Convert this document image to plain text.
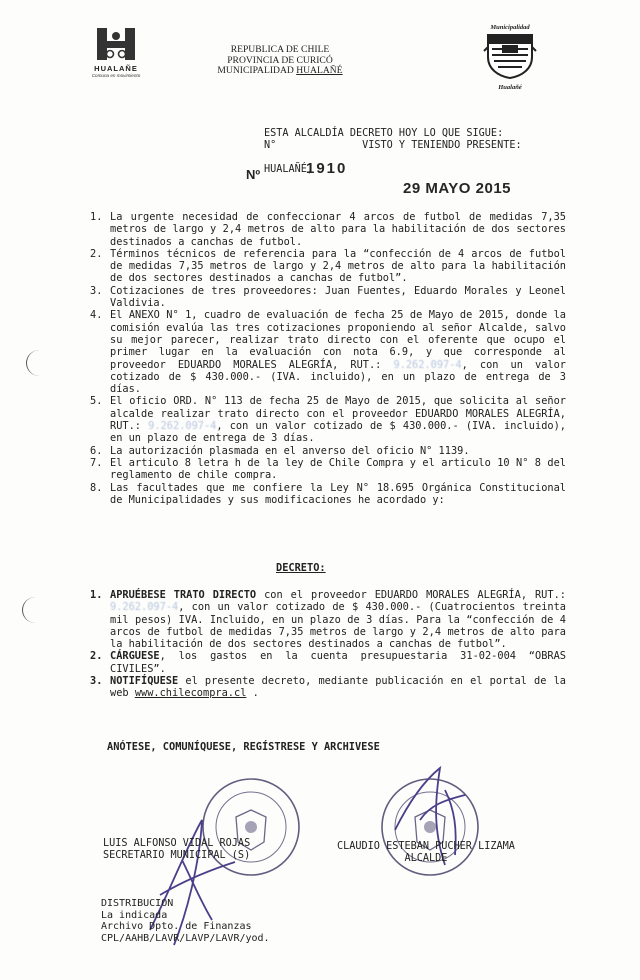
HUALAÑE
Comuna en movimiento
REPUBLICA DE CHILE
PROVINCIA DE CURICÓ
MUNICIPALIDAD HUALAÑÉ
Municipalidad
Hualañé
ESTA ALCALDÍA DECRETO HOY LO QUE SIGUE:
N°              VISTO Y TENIENDO PRESENTE:
Nº HUALAÑÉ,
1910
29 MAYO 2015
1. La urgente necesidad de confeccionar 4 arcos de futbol de medidas 7,35 metros de largo y 2,4 metros de alto para la habilitación de dos sectores destinados a canchas de futbol.
2. Términos técnicos de referencia para la “confección de 4 arcos de futbol de medidas 7,35 metros de largo y 2,4 metros de alto para la habilitación de dos sectores destinados a canchas de futbol”.
3. Cotizaciones de tres proveedores: Juan Fuentes, Eduardo Morales y Leonel Valdivia.
4. El ANEXO N° 1, cuadro de evaluación de fecha 25 de Mayo de 2015, donde la comisión evalúa las tres cotizaciones proponiendo al señor Alcalde, salvo su mejor parecer, realizar trato directo con el oferente que ocupo el primer lugar en la evaluación con nota 6.9, y que corresponde al proveedor EDUARDO MORALES ALEGRÍA, RUT.: 9.262.097-4, con un valor cotizado de $ 430.000.- (IVA. incluido), en un plazo de entrega de 3 días.
5. El oficio ORD. N° 113 de fecha 25 de Mayo de 2015, que solicita al señor alcalde realizar trato directo con el proveedor EDUARDO MORALES ALEGRÍA, RUT.: 9.262.097-4, con un valor cotizado de $ 430.000.- (IVA. incluido), en un plazo de entrega de 3 días.
6. La autorización plasmada en el anverso del oficio N° 1139.
7. El articulo 8 letra h de la ley de Chile Compra y el articulo 10 N° 8 del reglamento de chile compra.
8. Las facultades que me confiere la Ley N° 18.695 Orgánica Constitucional de Municipalidades y sus modificaciones he acordado y:
DECRETO:
1. APRUÉBESE TRATO DIRECTO con el proveedor EDUARDO MORALES ALEGRÍA, RUT.: 9.262.097-4, con un valor cotizado de $ 430.000.- (Cuatrocientos treinta mil pesos) IVA. Incluido, en un plazo de 3 días. Para la “confección de 4 arcos de futbol de medidas 7,35 metros de largo y 2,4 metros de alto para la habilitación de dos sectores destinados a canchas de futbol”.
2. CÁRGUESE, los gastos en la cuenta presupuestaria 31-02-004 “OBRAS CIVILES”.
3. NOTIFÍQUESE el presente decreto, mediante publicación en el portal de la web www.chilecompra.cl .
ANÓTESE, COMUNÍQUESE, REGÍSTRESE Y ARCHIVESE
LUIS ALFONSO VIDAL ROJAS
SECRETARIO MUNICIPAL (S)
CLAUDIO ESTEBAN PUCHER LIZAMA
ALCALDE
DISTRIBUCION
La indicada
Archivo Dpto. de Finanzas
CPL/AAHB/LAVR/LAVP/LAVR/yod.
